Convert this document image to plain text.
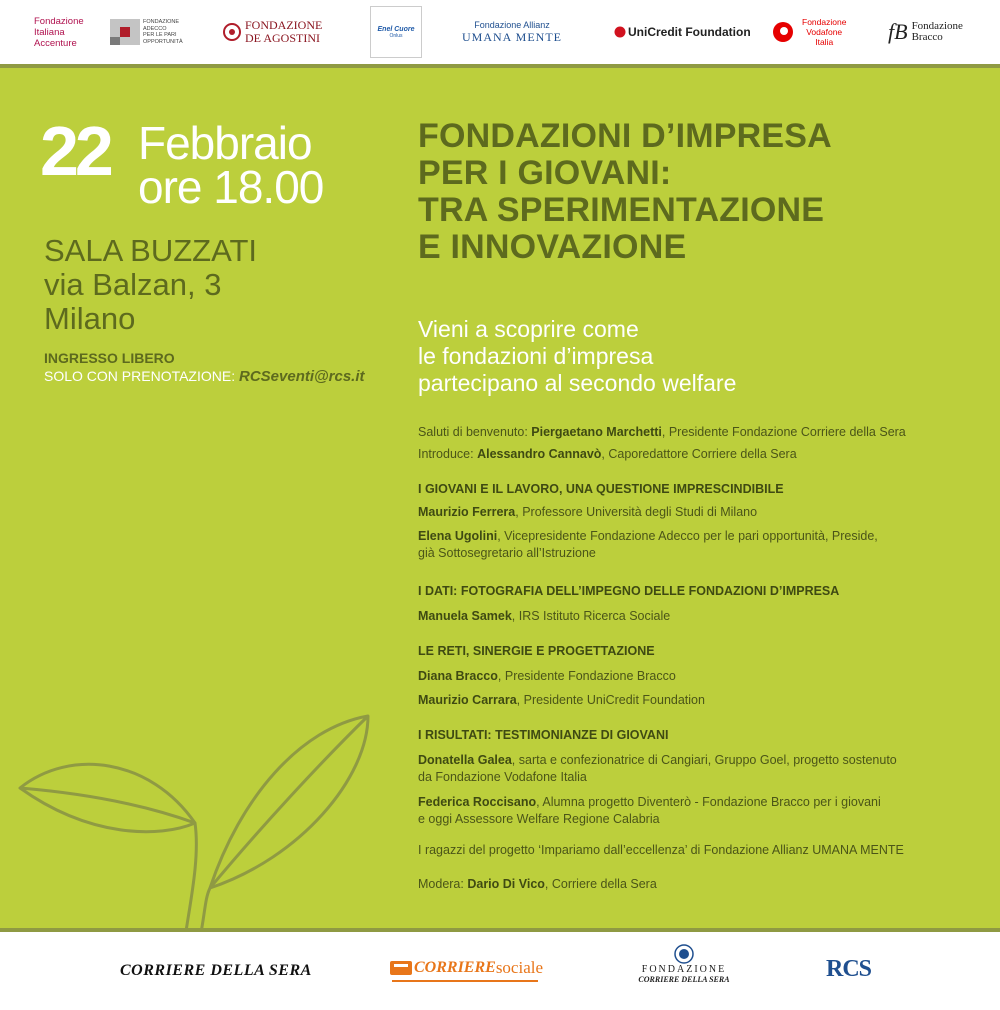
Fondazione
Italiana
Accenture
FONDAZIONE
ADECCO
PER LE PARI
OPPORTUNITÀ
FONDAZIONE
DE AGOSTINI
Enel Cuore
Onlus
Fondazione Allianz
UMANA MENTE	UniCredit Foundation
Fondazione
Vodafone
Italia fB Fondazione
Bracco
22 Febbraio
ore 18.00
SALA BUZZATI
via Balzan, 3
Milano
INGRESSO LIBERO
SOLO CON PRENOTAZIONE: RCSeventi@rcs.it
FONDAZIONI D’IMPRESA
PER I GIOVANI:
TRA SPERIMENTAZIONE
E INNOVAZIONE
Vieni a scoprire come
le fondazioni d’impresa
partecipano al secondo welfare
Saluti di benvenuto: Piergaetano Marchetti, Presidente Fondazione Corriere della Sera
Introduce: Alessandro Cannavò, Caporedattore Corriere della Sera
I GIOVANI E IL LAVORO, UNA QUESTIONE IMPRESCINDIBILE
Maurizio Ferrera, Professore Università degli Studi di Milano
Elena Ugolini, Vicepresidente Fondazione Adecco per le pari opportunità, Preside,
già Sottosegretario all’Istruzione
I DATI: FOTOGRAFIA DELL’IMPEGNO DELLE FONDAZIONI D’IMPRESA
Manuela Samek, IRS Istituto Ricerca Sociale
LE RETI, SINERGIE E PROGETTAZIONE
Diana Bracco, Presidente Fondazione Bracco
Maurizio Carrara, Presidente UniCredit Foundation
I RISULTATI: TESTIMONIANZE DI GIOVANI
Donatella Galea, sarta e confezionatrice di Cangiari, Gruppo Goel, progetto sostenuto
da Fondazione Vodafone Italia
Federica Roccisano, Alumna progetto Diventerò - Fondazione Bracco per i giovani
e oggi Assessore Welfare Regione Calabria
I ragazzi del progetto ‘Impariamo dall’eccellenza’ di Fondazione Allianz UMANA MENTE
Modera: Dario Di Vico, Corriere della Sera
CORRIERE DELLA SERA	CORRIERE sociale	FONDAZIONE
CORRIERE DELLA SERA	RCS
